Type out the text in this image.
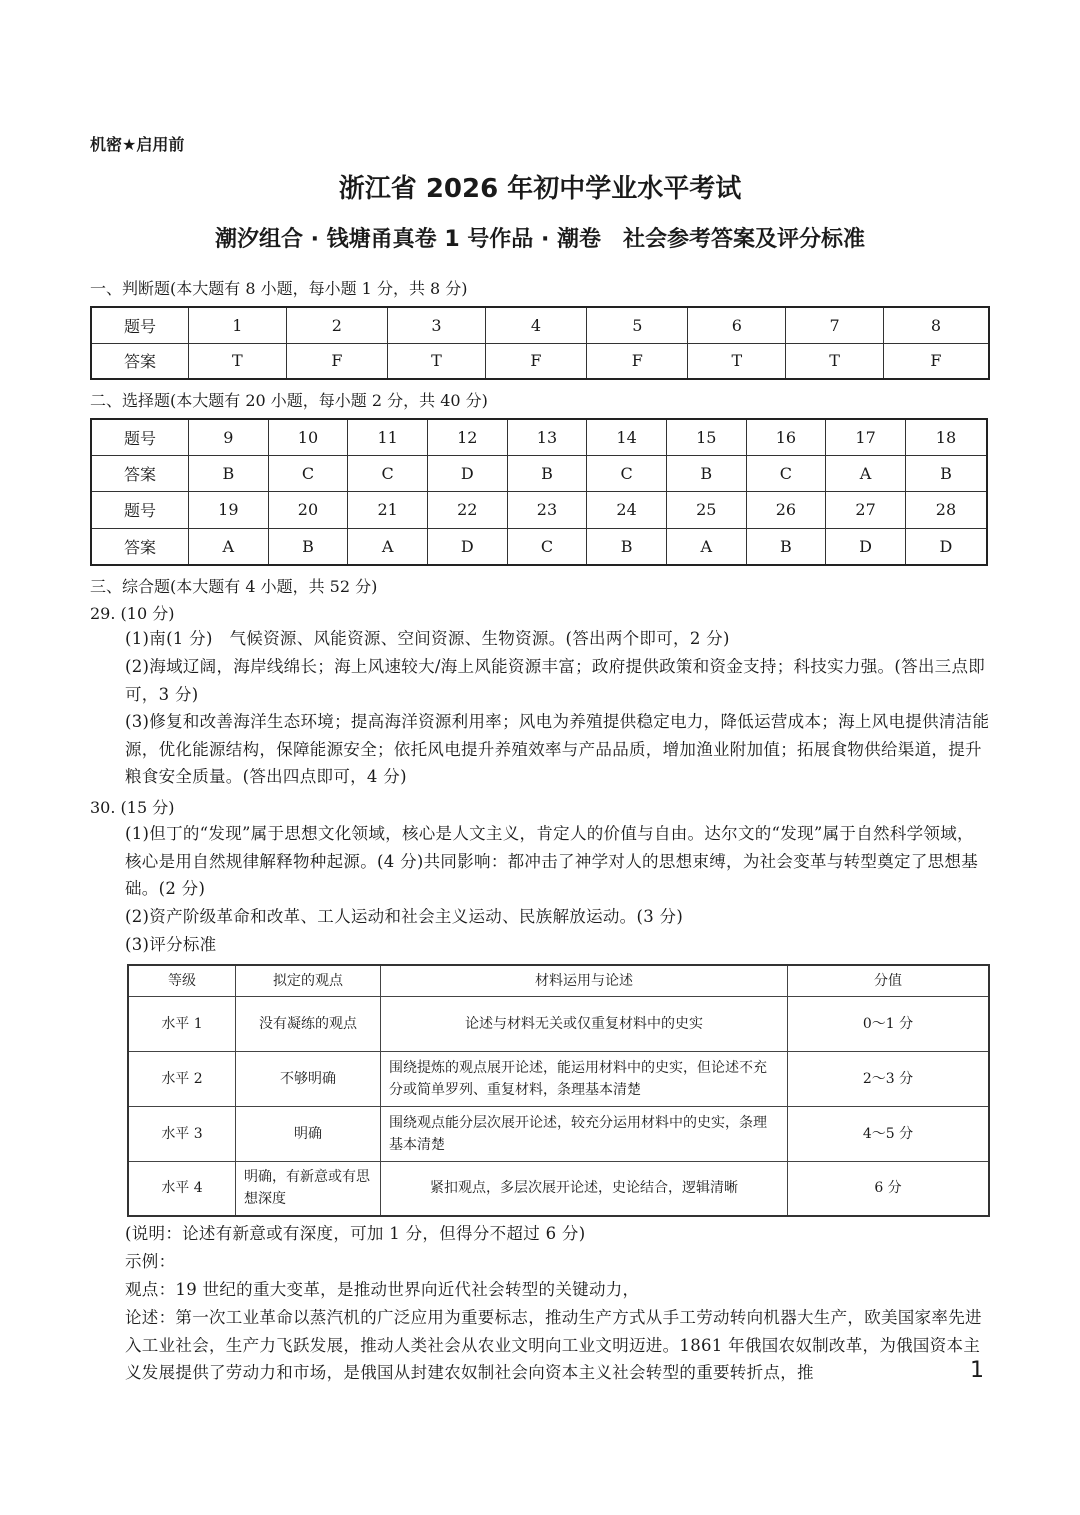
机密★启用前
浙江省 2026 年初中学业水平考试
潮汐组合 · 钱塘甬真卷 1 号作品 · 潮卷　社会参考答案及评分标准
一、判断题(本大题有 8 小题，每小题 1 分，共 8 分)
题号	1	2	3	4	5	6	7	8
答案	T	F	T	F	F	T	T	F
二、选择题(本大题有 20 小题，每小题 2 分，共 40 分)
题号	9	10	11	12	13	14	15	16	17	18
答案	B	C	C	D	B	C	B	C	A	B
题号	19	20	21	22	23	24	25	26	27	28
答案	A	B	A	D	C	B	A	B	D	D
三、综合题(本大题有 4 小题，共 52 分)
29. (10 分)
(1)南(1 分)　气候资源、风能资源、空间资源、生物资源。(答出两个即可，2 分)
(2)海域辽阔，海岸线绵长；海上风速较大/海上风能资源丰富；政府提供政策和资金支持；科技实力强。(答出三点即可，3 分)
(3)修复和改善海洋生态环境；提高海洋资源利用率；风电为养殖提供稳定电力，降低运营成本；海上风电提供清洁能源，优化能源结构，保障能源安全；依托风电提升养殖效率与产品品质，增加渔业附加值；拓展食物供给渠道，提升粮食安全质量。(答出四点即可，4 分)
30. (15 分)
(1)但丁的“发现”属于思想文化领域，核心是人文主义，肯定人的价值与自由。达尔文的“发现”属于自然科学领域，核心是用自然规律解释物种起源。(4 分)共同影响：都冲击了神学对人的思想束缚，为社会变革与转型奠定了思想基础。(2 分)
(2)资产阶级革命和改革、工人运动和社会主义运动、民族解放运动。(3 分)
(3)评分标准
等级	拟定的观点	材料运用与论述	分值
水平 1	没有凝练的观点	论述与材料无关或仅重复材料中的史实	0～1 分
水平 2	不够明确	围绕提炼的观点展开论述，能运用材料中的史实，但论述不充分或简单罗列、重复材料，条理基本清楚	2～3 分
水平 3	明确	围绕观点能分层次展开论述，较充分运用材料中的史实，条理基本清楚	4～5 分
水平 4	明确，有新意或有思想深度	紧扣观点，多层次展开论述，史论结合，逻辑清晰	6 分
(说明：论述有新意或有深度，可加 1 分，但得分不超过 6 分)
示例：
观点：19 世纪的重大变革，是推动世界向近代社会转型的关键动力，
论述：第一次工业革命以蒸汽机的广泛应用为重要标志，推动生产方式从手工劳动转向机器大生产，欧美国家率先进入工业社会，生产力飞跃发展，推动人类社会从农业文明向工业文明迈进。1861 年俄国农奴制改革，为俄国资本主义发展提供了劳动力和市场，是俄国从封建农奴制社会向资本主义社会转型的重要转折点，推	1
